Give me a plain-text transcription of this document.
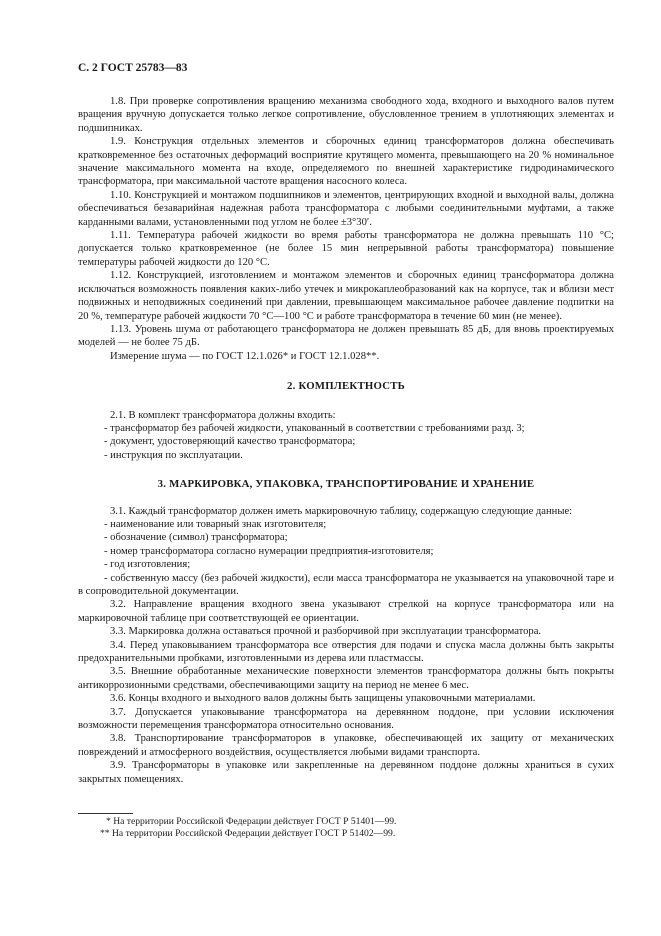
С. 2 ГОСТ 25783—83

1.8. При проверке сопротивления вращению механизма свободного хода, входного и выходного валов путем вращения вручную допускается только легкое сопротивление, обусловленное трением в уплотняющих элементах и подшипниках.

1.9. Конструкция отдельных элементов и сборочных единиц трансформаторов должна обеспечивать кратковременное без остаточных деформаций восприятие крутящего момента, превышающего на 20 % номинальное значение максимального момента на входе, определяемого по внешней характеристике гидродинамического трансформатора, при максимальной частоте вращения насосного колеса.

1.10. Конструкцией и монтажом подшипников и элементов, центрирующих входной и выходной валы, должна обеспечиваться безаварийная надежная работа трансформатора с любыми соединительными муфтами, а также карданными валами, установленными под углом не более ±3°30′.

1.11. Температура рабочей жидкости во время работы трансформатора не должна превышать 110 °С; допускается только кратковременное (не более 15 мин непрерывной работы трансформатора) повышение температуры рабочей жидкости до 120 °С.

1.12. Конструкцией, изготовлением и монтажом элементов и сборочных единиц трансформатора должна исключаться возможность появления каких-либо утечек и микрокаплеобразований как на корпусе, так и вблизи мест подвижных и неподвижных соединений при давлении, превышающем максимальное рабочее давление подпитки на 20 %, температуре рабочей жидкости 70 °С—100 °С и работе трансформатора в течение 60 мин (не менее).

1.13. Уровень шума от работающего трансформатора не должен превышать 85 дБ, для вновь проектируемых моделей — не более 75 дБ.

Измерение шума — по ГОСТ 12.1.026* и ГОСТ 12.1.028**.

2. КОМПЛЕКТНОСТЬ

2.1. В комплект трансформатора должны входить:

- трансформатор без рабочей жидкости, упакованный в соответствии с требованиями разд. 3;

- документ, удостоверяющий качество трансформатора;

- инструкция по эксплуатации.

3. МАРКИРОВКА, УПАКОВКА, ТРАНСПОРТИРОВАНИЕ И ХРАНЕНИЕ

3.1. Каждый трансформатор должен иметь маркировочную таблицу, содержащую следующие данные:

- наименование или товарный знак изготовителя;

- обозначение (символ) трансформатора;

- номер трансформатора согласно нумерации предприятия-изготовителя;

- год изготовления;

- собственную массу (без рабочей жидкости), если масса трансформатора не указывается на упаковочной таре и в сопроводительной документации.

3.2. Направление вращения входного звена указывают стрелкой на корпусе трансформатора или на маркировочной таблице при соответствующей ее ориентации.

3.3. Маркировка должна оставаться прочной и разборчивой при эксплуатации трансформатора.

3.4. Перед упаковыванием трансформатора все отверстия для подачи и спуска масла должны быть закрыты предохранительными пробками, изготовленными из дерева или пластмассы.

3.5. Внешние обработанные механические поверхности элементов трансформатора должны быть покрыты антикоррозионными средствами, обеспечивающими защиту на период не менее 6 мес.

3.6. Концы входного и выходного валов должны быть защищены упаковочными материалами.

3.7. Допускается упаковывание трансформатора на деревянном поддоне, при условии исключения возможности перемещения трансформатора относительно основания.

3.8. Транспортирование трансформаторов в упаковке, обеспечивающей их защиту от механических повреждений и атмосферного воздействия, осуществляется любыми видами транспорта.

3.9. Трансформаторы в упаковке или закрепленные на деревянном поддоне должны храниться в сухих закрытых помещениях.

* На территории Российской Федерации действует ГОСТ Р 51401—99.
** На территории Российской Федерации действует ГОСТ Р 51402—99.
